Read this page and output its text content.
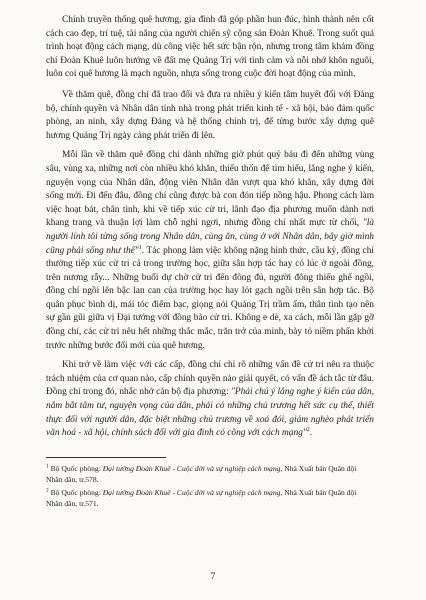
Chính truyền thống quê hương, gia đình đã góp phần hun đúc, hình thành nên cốt cách cao đẹp, trí tuệ, tài năng của người chiến sỹ cộng sản Đoàn Khuê. Trong suốt quá trình hoạt động cách mạng, dù công việc hết sức bận rộn, nhưng trong tâm khảm đồng chí Đoàn Khuê luôn hướng về đất mẹ Quảng Trị với tình cảm và nỗi nhớ khôn nguôi, luôn coi quê hương là mạch nguồn, nhựa sống trong cuộc đời hoạt động của mình.

Về thăm quê, đồng chí đã trao đổi và đưa ra nhiều ý kiến tâm huyết đối với Đảng bộ, chính quyền và Nhân dân tỉnh nhà trong phát triển kinh tế - xã hội, bảo đảm quốc phòng, an ninh, xây dựng Đảng và hệ thống chính trị, để từng bước xây dựng quê hương Quảng Trị ngày càng phát triển đi lên.

Mỗi lần về thăm quê đồng chí dành những giờ phút quý báu đi đến những vùng sâu, vùng xa, những nơi còn nhiều khó khăn, thiếu thốn để tìm hiểu, lắng nghe ý kiến, nguyện vọng của Nhân dân, động viên Nhân dân vượt qua khó khăn, xây dựng đời sống mới. Đi đến đâu, đồng chí cũng được bà con đón tiếp nồng hậu. Phong cách làm việc hoạt bát, chân tình, khi về tiếp xúc cử tri, lãnh đạo địa phương muốn dành nơi khang trang và thuận lợi làm chỗ nghỉ ngơi, nhưng đồng chí nhất mực từ chối, "là người lính tôi từng sống trong Nhân dân, cùng ăn, cùng ở với Nhân dân, bây giờ mình cũng phải sống như thế"$^1$. Tác phong làm việc không nặng hình thức, cầu kỳ, đồng chí thường tiếp xúc cử tri cả trong trường học, giữa sân hợp tác hay có lúc ở ngoài đồng, trên nương rẫy... Những buổi dự chờ cử tri đến đông đủ, người đông thiếu ghế ngồi, đồng chí ngồi lên bậc lan can của trường học hay lót gạch ngồi trên sân hợp tác. Bộ quân phục bình dị, mái tóc điểm bạc, giọng nói Quảng Trị trầm ấm, thân tình tạo nên sự gần gũi giữa vị Đại tướng với đồng bào cử tri. Không e dè, xa cách, mỗi lần gặp gỡ đồng chí, các cử tri nêu hết những thắc mắc, trăn trở của mình, bày tỏ niềm phấn khởi trước những bước đổi mới của quê hương.

Khi trở về làm việc với các cấp, đồng chí chỉ rõ những vấn đề cử tri nêu ra thuộc trách nhiệm của cơ quan nào, cấp chính quyền nào giải quyết, có vấn đề ách tắc từ đâu. Đồng chí trong đó, nhắc nhở cán bộ địa phương: "Phải chú ý lắng nghe ý kiến của dân, nắm bắt tâm tư, nguyện vọng của dân, phải có những chủ trương hết sức cụ thể, thiết thực đối với người dân, đặc biệt những chủ trương về xoá đói, giảm nghèo phát triển văn hoá - xã hội, chính sách đối với gia đình có công với cách mạng"$^2$.

$^1$ Bộ Quốc phòng: Đại tướng Đoàn Khuê - Cuộc đời và sự nghiệp cách mạng, Nhà Xuất bản Quân đội Nhân dân, tr.578.

$^2$ Bộ Quốc phòng: Đại tướng Đoàn Khuê - Cuộc đời và sự nghiệp cách mạng, Nhà Xuất bản Quân đội Nhân dân, tr.571.

7
